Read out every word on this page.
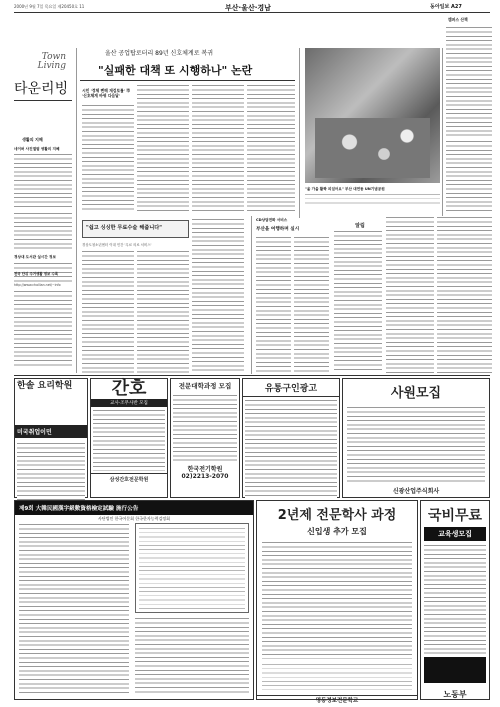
2000년 9월 7일 목요일 제20450호 11	부산·울산·경남	동아일보 A27
Town
Living
타운리빙
생활의 지혜
네이버 사진앨범 생활의 지혜
경상대 도서관 실시간 정보
http://www.chollian.net/~info
전국 단위 주거생활 정보 수록
울산 공업탑로터리 89년 신호체계로 복귀
"실패한 대책 또 시행하나" 논란
시민 '정체 뻔해 재검토를' 市 '신호체계 바꿔 다음달'
"쉽고 싱싱한 무료수술 해줍니다"
경상도청소년센터 이대 민간 '무료 의료 서비스'
CD상담전화 서비스
부산을 여행하며 실시
"올 가을 활짝 피었어요" 부산 대연동 UN기념공원
알림
캠퍼스 산책
한솔 요리학원
미국취업이민
간호
교사·조무사반 모집
삼성간호전문학원
전문대학과정 모집
한국전기학원
02)2213-2070
유통구인광고	사원모집
신광산업주식회사
제9회 大韓民國漢字級數資格檢定試驗 施行公告
사단법인 한국어문회 한국한자능력검정회	2년제 전문학사 과정
신입생 추가 모집
명동정보전문학교
국비무료
교육생모집
노동부
